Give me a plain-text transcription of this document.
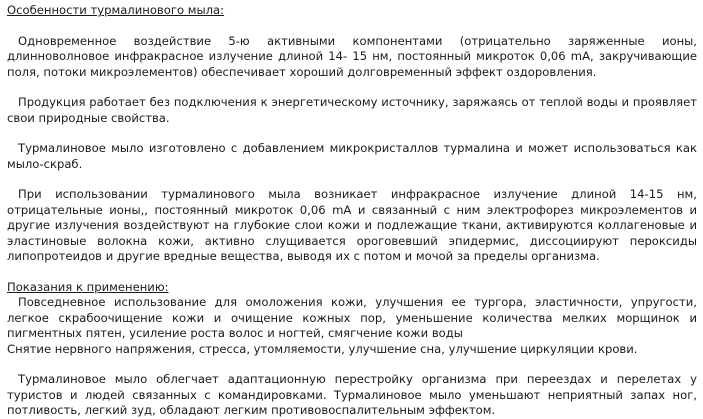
Особенности турмалинового мыла:

Одновременное воздействие 5-ю активными компонентами (отрицательно заряженные ионы, длинноволновое инфракрасное излучение длиной 14- 15 нм, постоянный микроток 0,06 mA, закручивающие поля, потоки микроэлементов) обеспечивает хороший долговременный эффект оздоровления.

Продукция работает без подключения к энергетическому источнику, заряжаясь от теплой воды и проявляет свои природные свойства.

Турмалиновое мыло изготовлено с добавлением микрокристаллов турмалина и может использоваться как мыло-скраб.

При использовании турмалинового мыла возникает инфракрасное излучение длиной 14-15 нм, отрицательные ионы,, постоянный микроток 0,06 mA и связанный с ним электрофорез микроэлементов и другие излучения воздействуют на глубокие слои кожи и подлежащие ткани, активируются коллагеновые и эластиновые волокна кожи, активно слущивается ороговевший эпидермис, диссоциируют пероксиды липопротеидов и другие вредные вещества, выводя их с потом и мочой за пределы организма.

Показания к применению:

Повседневное использование для омоложения кожи, улучшения ее тургора, эластичности, упругости, легкое скрабоочищение кожи и очищение кожных пор, уменьшение количества мелких морщинок и пигментных пятен, усиление роста волос и ногтей, смягчение кожи воды

Снятие нервного напряжения, стресса, утомляемости, улучшение сна, улучшение циркуляции крови.

Турмалиновое мыло облегчает адаптационную перестройку организма при переездах и перелетах у туристов и людей связанных с командировками. Турмалиновое мыло уменьшают неприятный запах ног, потливость, легкий зуд, обладают легким противовоспалительным эффектом.
